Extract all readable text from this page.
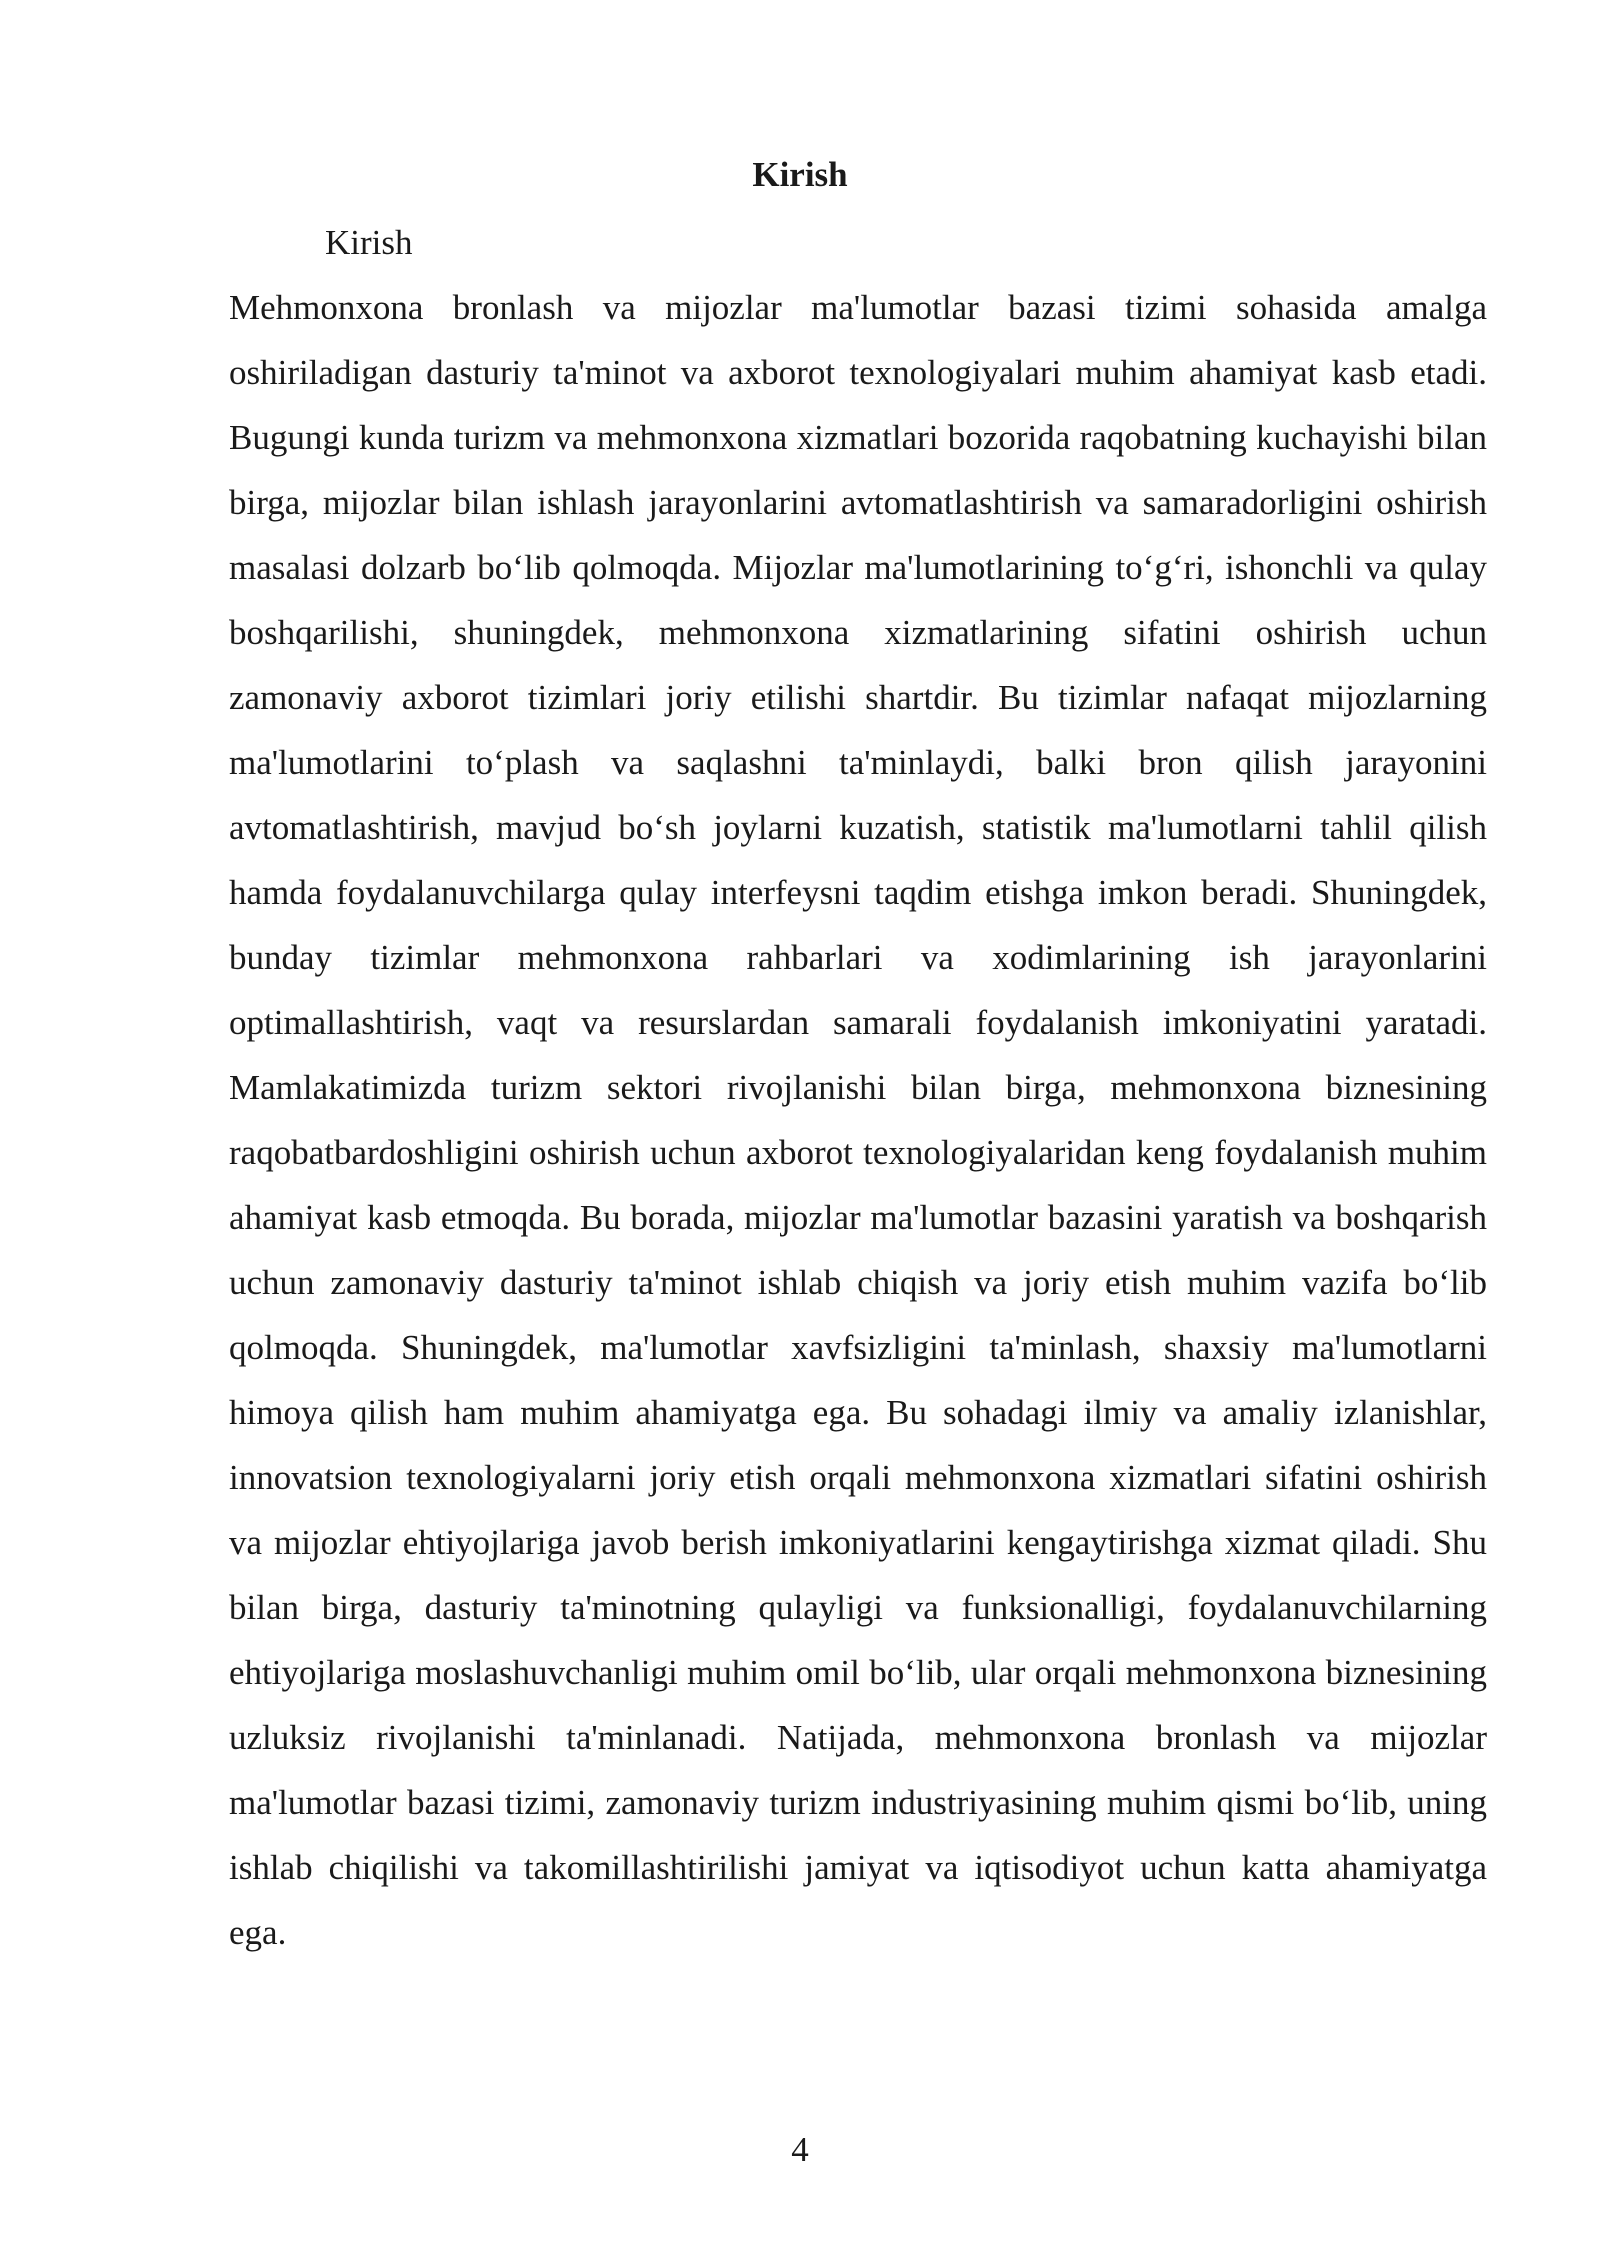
Kirish

Kirish

Mehmonxona bronlash va mijozlar ma'lumotlar bazasi tizimi sohasida amalga oshiriladigan dasturiy ta'minot va axborot texnologiyalari muhim ahamiyat kasb etadi. Bugungi kunda turizm va mehmonxona xizmatlari bozorida raqobatning kuchayishi bilan birga, mijozlar bilan ishlash jarayonlarini avtomatlashtirish va samaradorligini oshirish masalasi dolzarb bo‘lib qolmoqda. Mijozlar ma'lumotlarining to‘g‘ri, ishonchli va qulay boshqarilishi, shuningdek, mehmonxona xizmatlarining sifatini oshirish uchun zamonaviy axborot tizimlari joriy etilishi shartdir. Bu tizimlar nafaqat mijozlarning ma'lumotlarini to‘plash va saqlashni ta'minlaydi, balki bron qilish jarayonini avtomatlashtirish, mavjud bo‘sh joylarni kuzatish, statistik ma'lumotlarni tahlil qilish hamda foydalanuvchilarga qulay interfeysni taqdim etishga imkon beradi. Shuningdek, bunday tizimlar mehmonxona rahbarlari va xodimlarining ish jarayonlarini optimallashtirish, vaqt va resurslardan samarali foydalanish imkoniyatini yaratadi. Mamlakatimizda turizm sektori rivojlanishi bilan birga, mehmonxona biznesining raqobatbardoshligini oshirish uchun axborot texnologiyalaridan keng foydalanish muhim ahamiyat kasb etmoqda. Bu borada, mijozlar ma'lumotlar bazasini yaratish va boshqarish uchun zamonaviy dasturiy ta'minot ishlab chiqish va joriy etish muhim vazifa bo‘lib qolmoqda. Shuningdek, ma'lumotlar xavfsizligini ta'minlash, shaxsiy ma'lumotlarni himoya qilish ham muhim ahamiyatga ega. Bu sohadagi ilmiy va amaliy izlanishlar, innovatsion texnologiyalarni joriy etish orqali mehmonxona xizmatlari sifatini oshirish va mijozlar ehtiyojlariga javob berish imkoniyatlarini kengaytirishga xizmat qiladi. Shu bilan birga, dasturiy ta'minotning qulayligi va funksionalligi, foydalanuvchilarning ehtiyojlariga moslashuvchanligi muhim omil bo‘lib, ular orqali mehmonxona biznesining uzluksiz rivojlanishi ta'minlanadi. Natijada, mehmonxona bronlash va mijozlar ma'lumotlar bazasi tizimi, zamonaviy turizm industriyasining muhim qismi bo‘lib, uning ishlab chiqilishi va takomillashtirilishi jamiyat va iqtisodiyot uchun katta ahamiyatga ega.

4
